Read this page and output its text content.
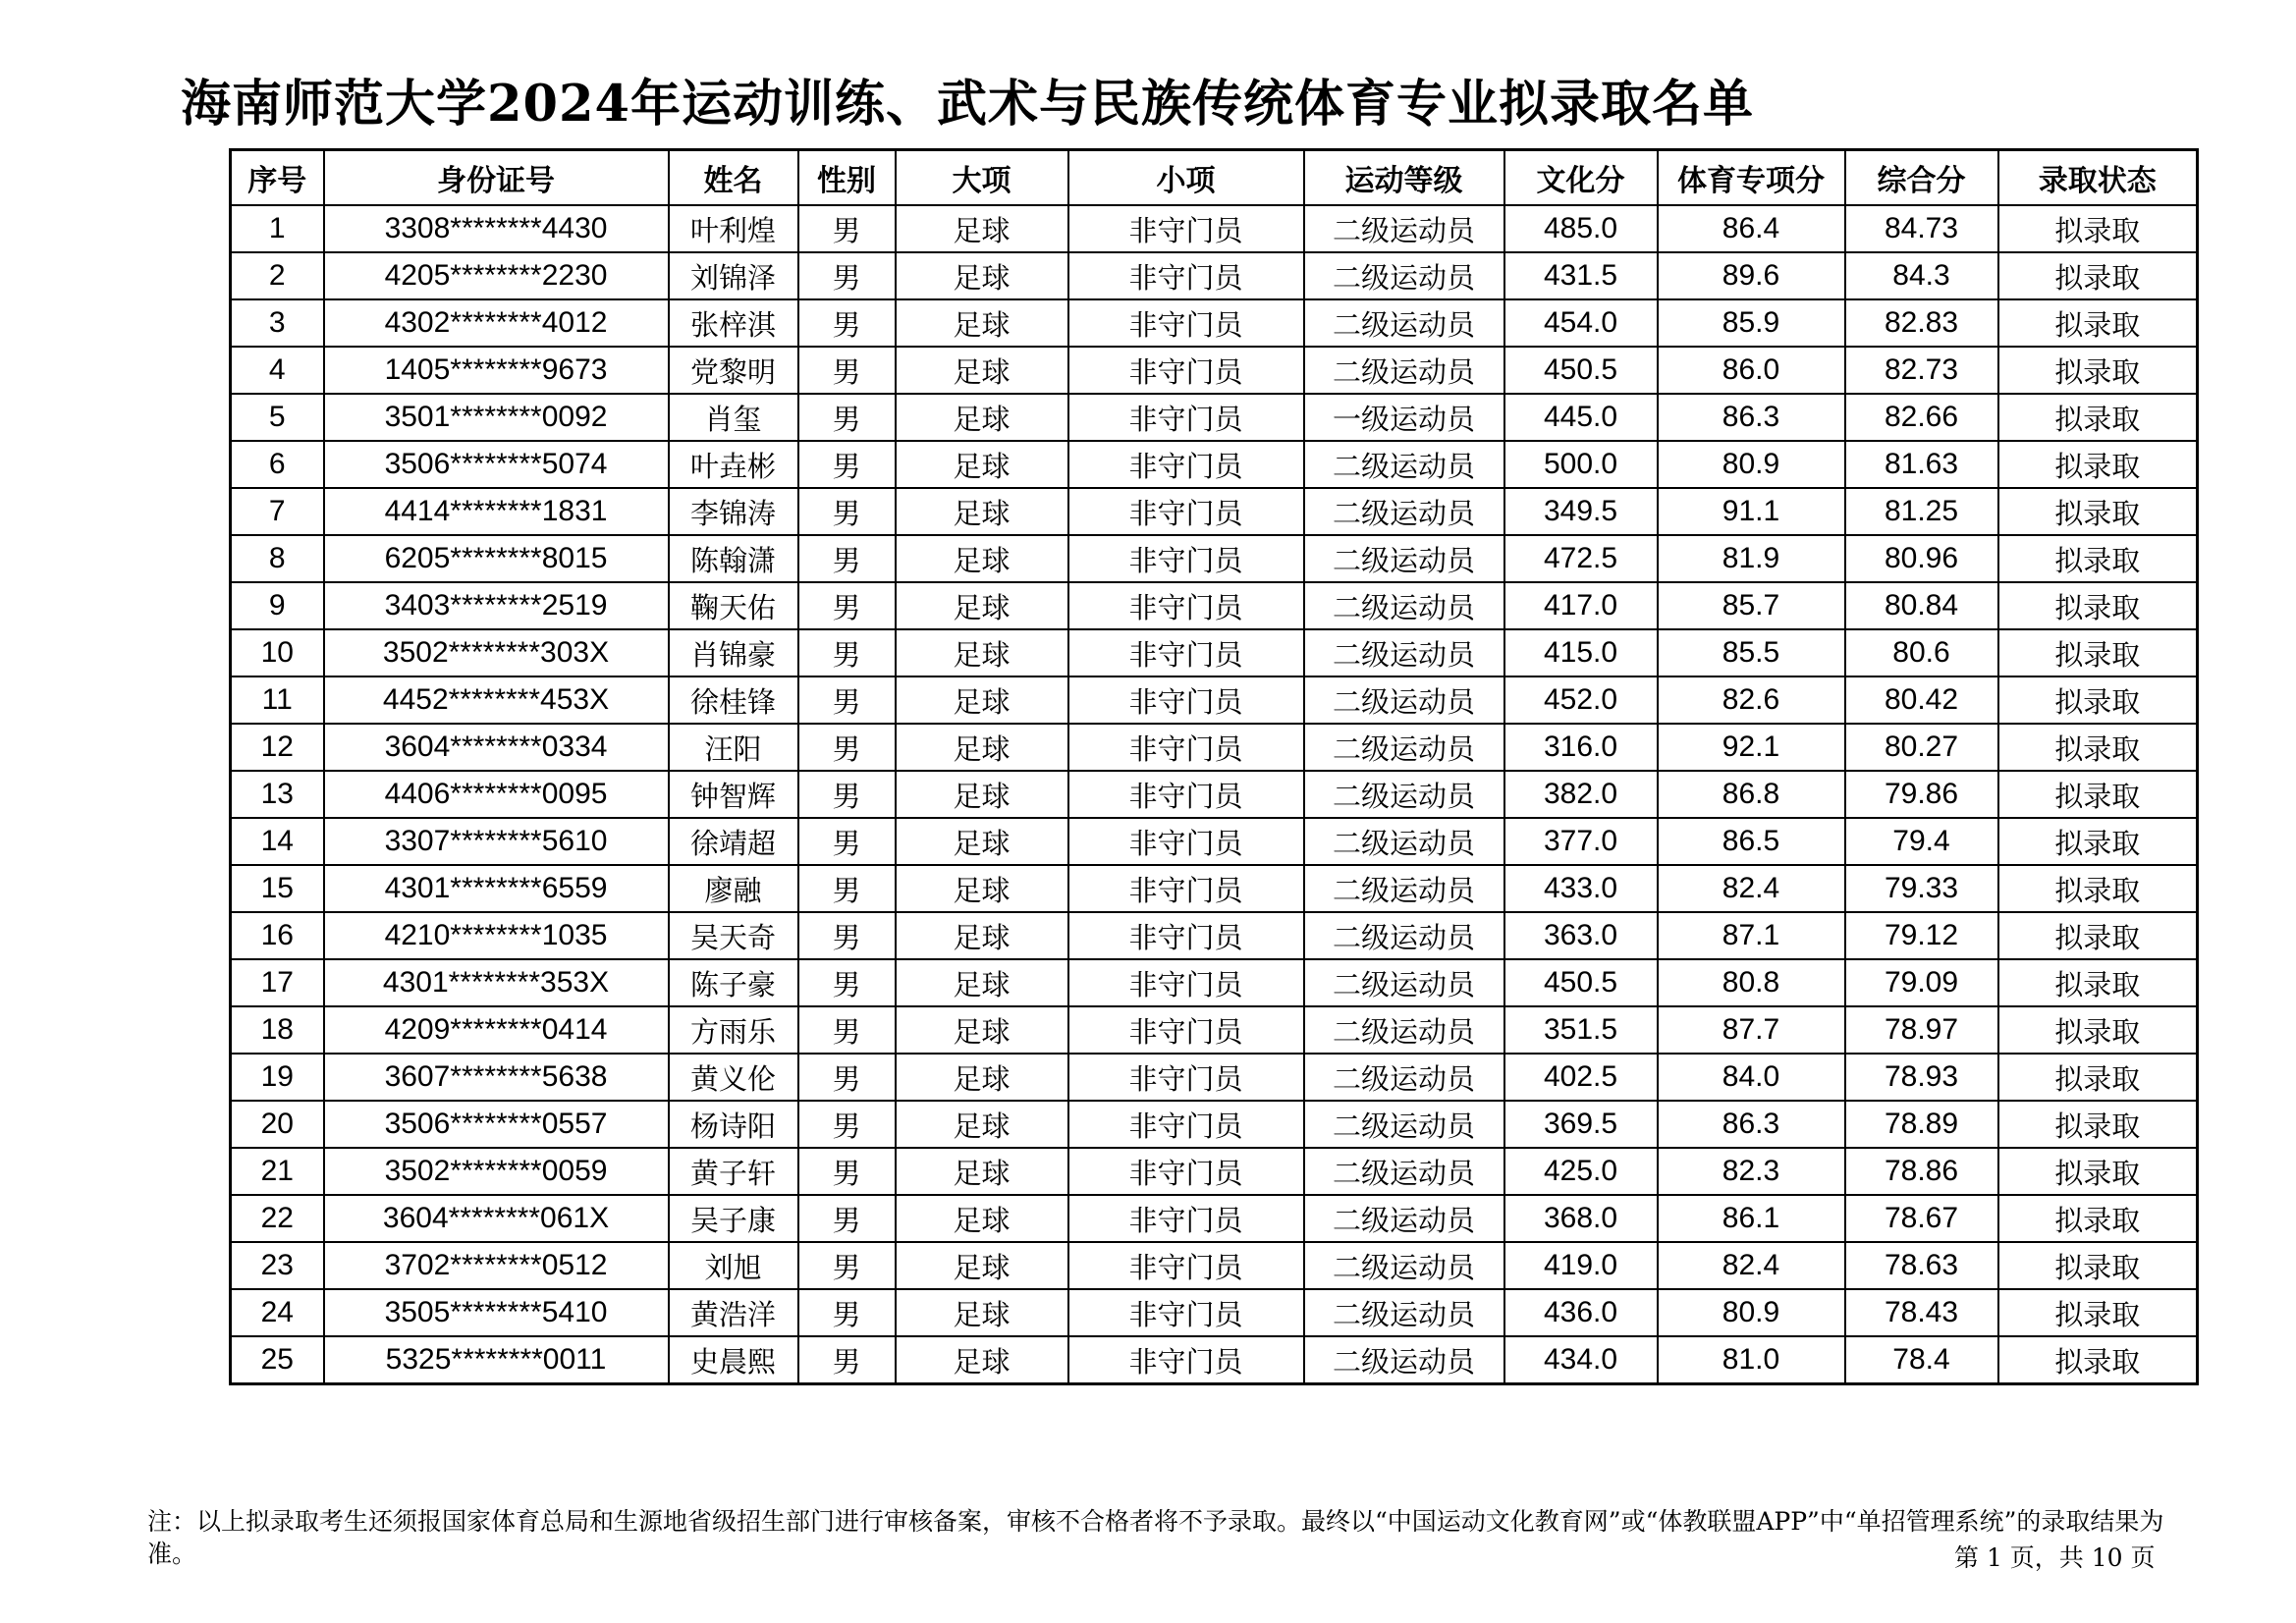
海南师范大学2024年运动训练、武术与民族传统体育专业拟录取名单
序号	身份证号	姓名	性别	大项	小项	运动等级	文化分	体育专项分	综合分	录取状态
1	3308********4430	叶利煌	男	足球	非守门员	二级运动员	485.0	86.4	84.73	拟录取
2	4205********2230	刘锦泽	男	足球	非守门员	二级运动员	431.5	89.6	84.3	拟录取
3	4302********4012	张梓淇	男	足球	非守门员	二级运动员	454.0	85.9	82.83	拟录取
4	1405********9673	党黎明	男	足球	非守门员	二级运动员	450.5	86.0	82.73	拟录取
5	3501********0092	肖玺	男	足球	非守门员	一级运动员	445.0	86.3	82.66	拟录取
6	3506********5074	叶垚彬	男	足球	非守门员	二级运动员	500.0	80.9	81.63	拟录取
7	4414********1831	李锦涛	男	足球	非守门员	二级运动员	349.5	91.1	81.25	拟录取
8	6205********8015	陈翰潇	男	足球	非守门员	二级运动员	472.5	81.9	80.96	拟录取
9	3403********2519	鞠天佑	男	足球	非守门员	二级运动员	417.0	85.7	80.84	拟录取
10	3502********303X	肖锦豪	男	足球	非守门员	二级运动员	415.0	85.5	80.6	拟录取
11	4452********453X	徐桂锋	男	足球	非守门员	二级运动员	452.0	82.6	80.42	拟录取
12	3604********0334	汪阳	男	足球	非守门员	二级运动员	316.0	92.1	80.27	拟录取
13	4406********0095	钟智辉	男	足球	非守门员	二级运动员	382.0	86.8	79.86	拟录取
14	3307********5610	徐靖超	男	足球	非守门员	二级运动员	377.0	86.5	79.4	拟录取
15	4301********6559	廖融	男	足球	非守门员	二级运动员	433.0	82.4	79.33	拟录取
16	4210********1035	吴天奇	男	足球	非守门员	二级运动员	363.0	87.1	79.12	拟录取
17	4301********353X	陈子豪	男	足球	非守门员	二级运动员	450.5	80.8	79.09	拟录取
18	4209********0414	方雨乐	男	足球	非守门员	二级运动员	351.5	87.7	78.97	拟录取
19	3607********5638	黄义伦	男	足球	非守门员	二级运动员	402.5	84.0	78.93	拟录取
20	3506********0557	杨诗阳	男	足球	非守门员	二级运动员	369.5	86.3	78.89	拟录取
21	3502********0059	黄子轩	男	足球	非守门员	二级运动员	425.0	82.3	78.86	拟录取
22	3604********061X	吴子康	男	足球	非守门员	二级运动员	368.0	86.1	78.67	拟录取
23	3702********0512	刘旭	男	足球	非守门员	二级运动员	419.0	82.4	78.63	拟录取
24	3505********5410	黄浩洋	男	足球	非守门员	二级运动员	436.0	80.9	78.43	拟录取
25	5325********0011	史晨熙	男	足球	非守门员	二级运动员	434.0	81.0	78.4	拟录取
注：以上拟录取考生还须报国家体育总局和生源地省级招生部门进行审核备案，审核不合格者将不予录取。最终以“中国运动文化教育网”或“体教联盟APP”中“单招管理系统”的录取结果为准。	第 1 页，共 10 页
